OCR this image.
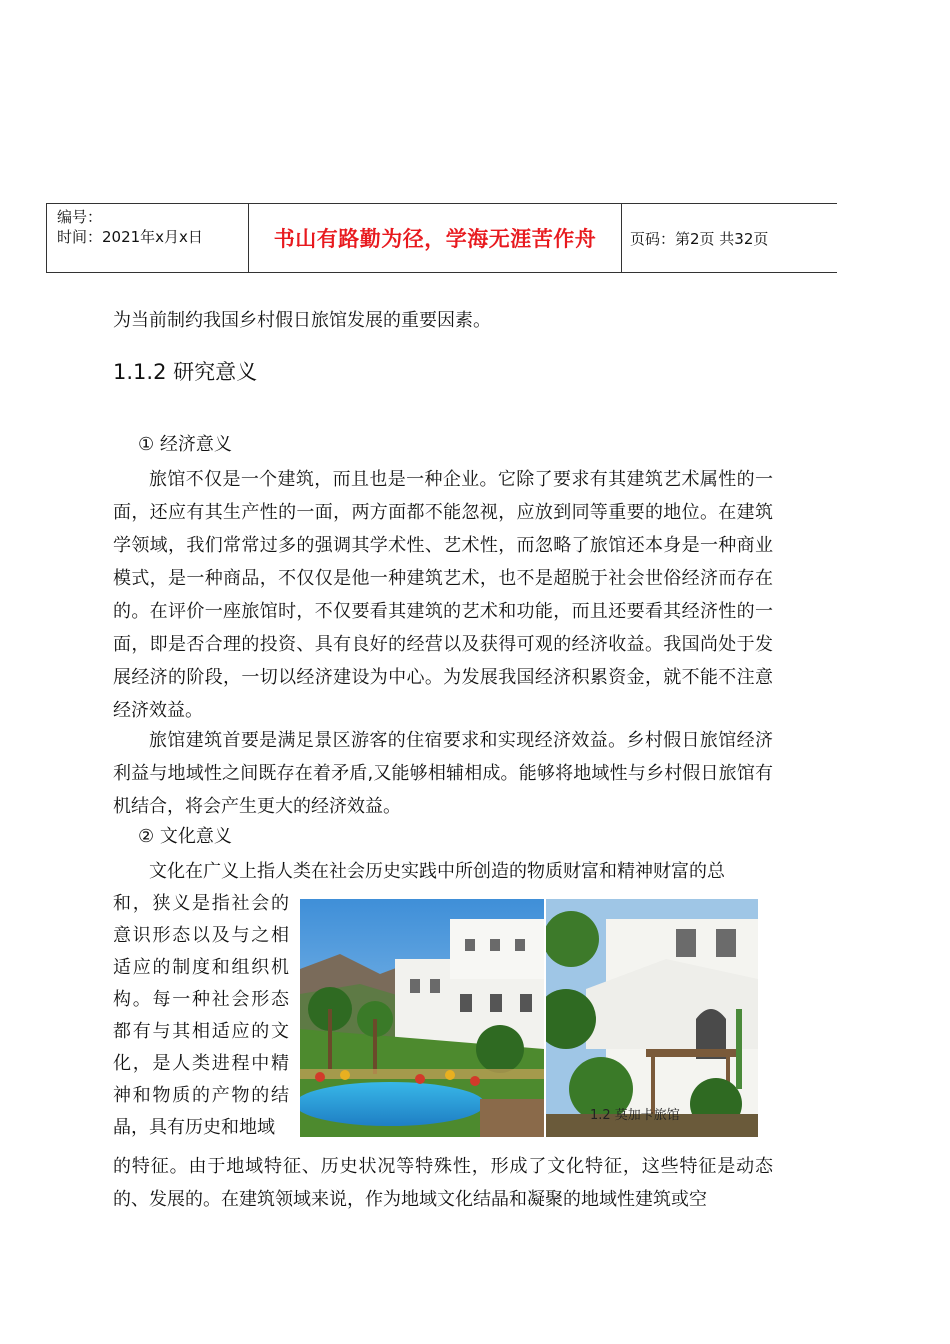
编号：
时间：2021年x月x日	书山有路勤为径，学海无涯苦作舟 页码：第2页 共32页

为当前制约我国乡村假日旅馆发展的重要因素。

1.1.2 研究意义

① 经济意义

旅馆不仅是一个建筑，而且也是一种企业。它除了要求有其建筑艺术属性的一面，还应有其生产性的一面，两方面都不能忽视，应放到同等重要的地位。在建筑学领域，我们常常过多的强调其学术性、艺术性，而忽略了旅馆还本身是一种商业模式，是一种商品，不仅仅是他一种建筑艺术，也不是超脱于社会世俗经济而存在的。在评价一座旅馆时，不仅要看其建筑的艺术和功能，而且还要看其经济性的一面，即是否合理的投资、具有良好的经营以及获得可观的经济收益。我国尚处于发展经济的阶段，一切以经济建设为中心。为发展我国经济积累资金，就不能不注意经济效益。

旅馆建筑首要是满足景区游客的住宿要求和实现经济效益。乡村假日旅馆经济利益与地域性之间既存在着矛盾,又能够相辅相成。能够将地域性与乡村假日旅馆有机结合，将会产生更大的经济效益。

② 文化意义

文化在广义上指人类在社会历史实践中所创造的物质财富和精神财富的总

和，狭义是指社会的意识形态以及与之相适应的制度和组织机构。每一种社会形态都有与其相适应的文化，是人类进程中精神和物质的产物的结晶，具有历史和地域

1.2 莫加卡旅馆

的特征。由于地域特征、历史状况等特殊性，形成了文化特征，这些特征是动态的、发展的。在建筑领域来说，作为地域文化结晶和凝聚的地域性建筑或空
